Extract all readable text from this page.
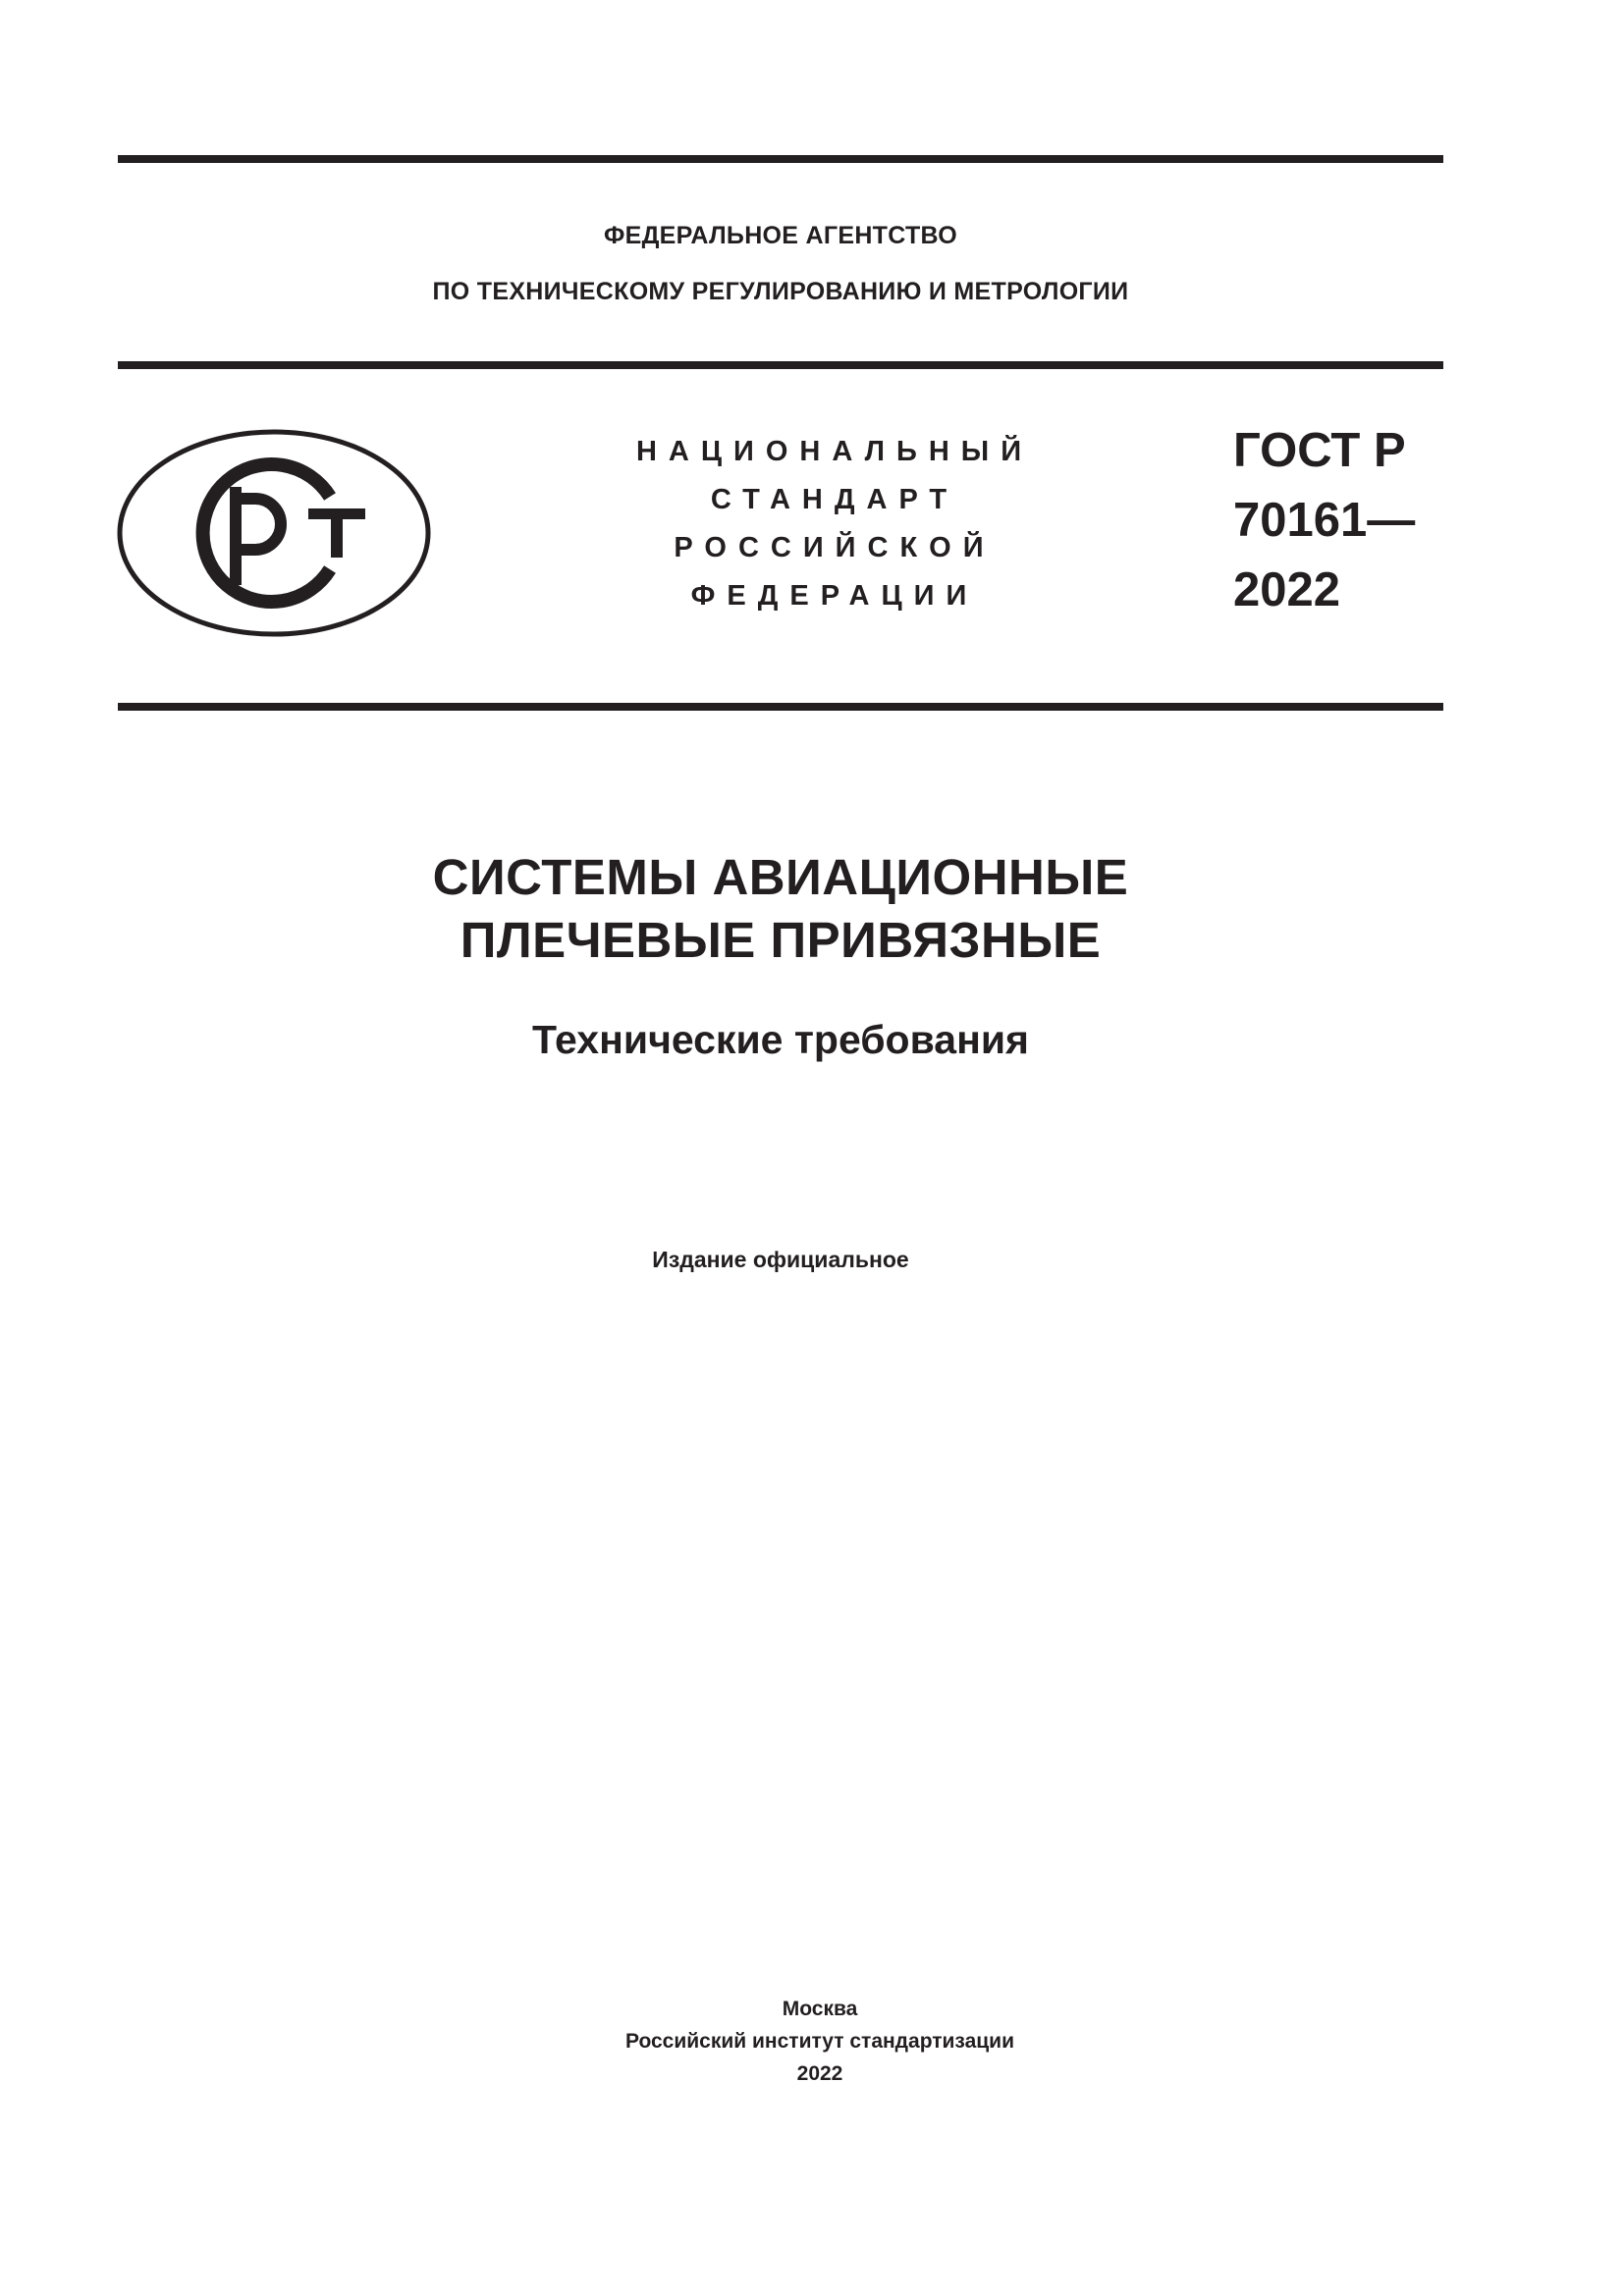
ФЕДЕРАЛЬНОЕ АГЕНТСТВО
ПО ТЕХНИЧЕСКОМУ РЕГУЛИРОВАНИЮ И МЕТРОЛОГИИ
НАЦИОНАЛЬНЫЙ
СТАНДАРТ
РОССИЙСКОЙ
ФЕДЕРАЦИИ
ГОСТ Р
70161—
2022
СИСТЕМЫ АВИАЦИОННЫЕ
ПЛЕЧЕВЫЕ ПРИВЯЗНЫЕ
Технические требования
Издание официальное
Москва
Российский институт стандартизации
2022
